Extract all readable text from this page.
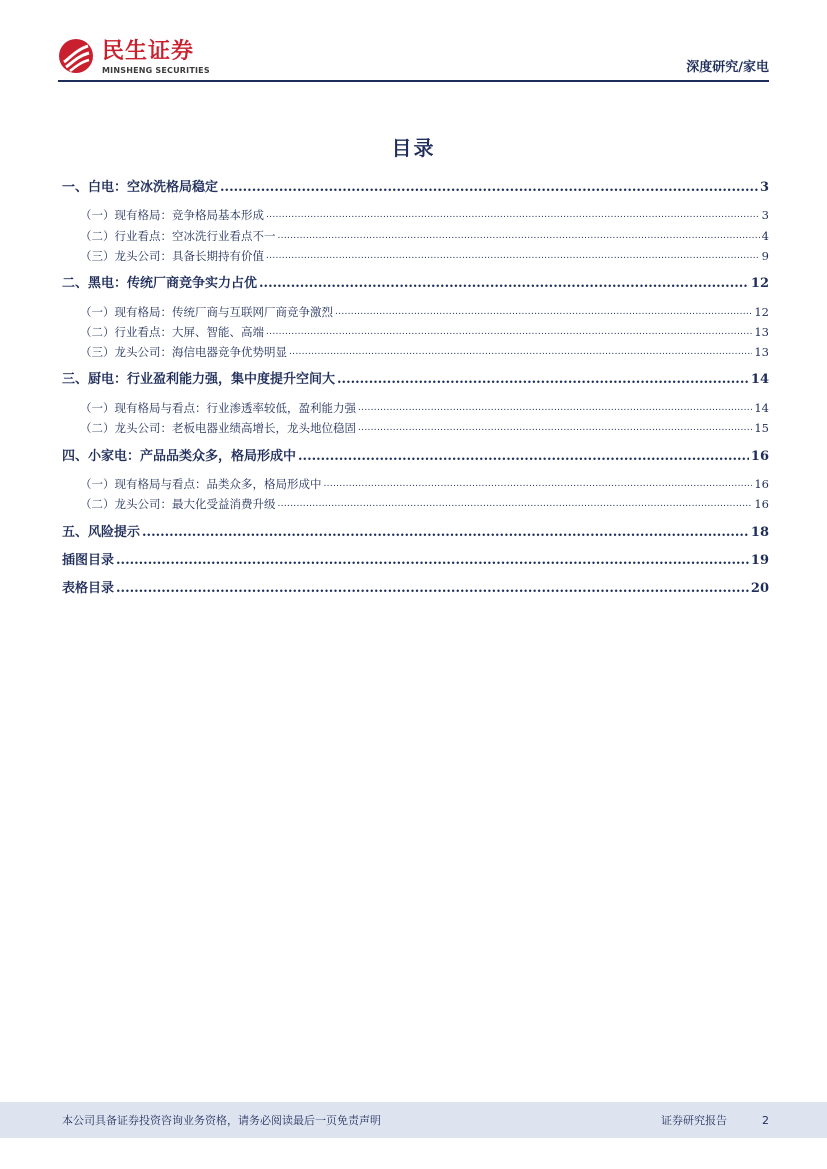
民生证券
MINSHENG SECURITIES	深度研究/家电
目录
一、白电：空冰洗格局稳定 .....	3
（一）现有格局：竞争格局基本形成 .....	3
（二）行业看点：空冰洗行业看点不一 .....	4
（三）龙头公司：具备长期持有价值 .....	9
二、黑电：传统厂商竞争实力占优 .....	12
（一）现有格局：传统厂商与互联网厂商竞争激烈 .....	12
（二）行业看点：大屏、智能、高端 .....	13
（三）龙头公司：海信电器竞争优势明显 .....	13
三、厨电：行业盈利能力强，集中度提升空间大 .....	14
（一）现有格局与看点：行业渗透率较低，盈利能力强 .....	14
（二）龙头公司：老板电器业绩高增长，龙头地位稳固 .....	15
四、小家电：产品品类众多，格局形成中 .....	16
（一）现有格局与看点：品类众多，格局形成中 .....	16
（二）龙头公司：最大化受益消费升级 .....	16
五、风险提示 .....	18
插图目录 .....	19
表格目录 .....	20
本公司具备证券投资咨询业务资格，请务必阅读最后一页免责声明	证券研究报告	2
